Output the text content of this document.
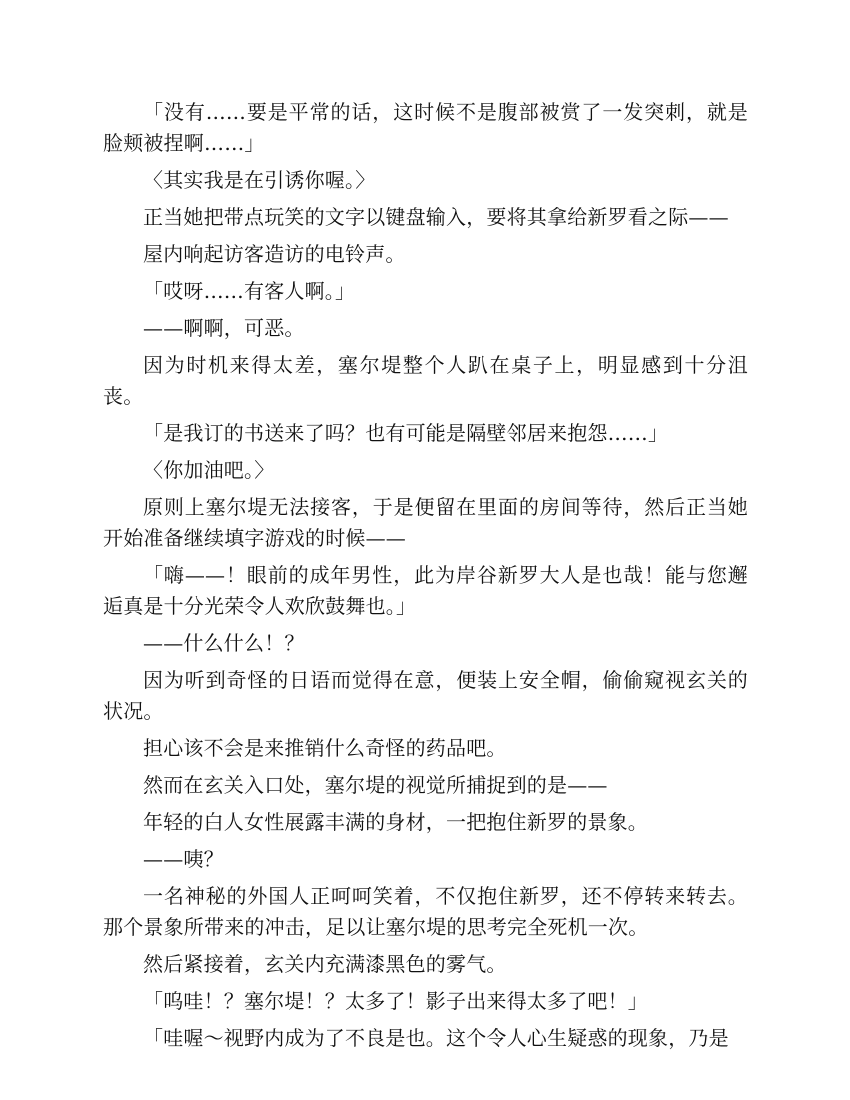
「没有……要是平常的话，这时候不是腹部被赏了一发突刺，就是脸颊被捏啊……」

〈其实我是在引诱你喔。〉

正当她把带点玩笑的文字以键盘输入，要将其拿给新罗看之际——

屋内响起访客造访的电铃声。

「哎呀……有客人啊。」

——啊啊，可恶。

因为时机来得太差，塞尔堤整个人趴在桌子上，明显感到十分沮丧。

「是我订的书送来了吗？也有可能是隔壁邻居来抱怨……」

〈你加油吧。〉

原则上塞尔堤无法接客，于是便留在里面的房间等待，然后正当她开始准备继续填字游戏的时候——

「嗨——！眼前的成年男性，此为岸谷新罗大人是也哉！能与您邂逅真是十分光荣令人欢欣鼓舞也。」

——什么什么！？

因为听到奇怪的日语而觉得在意，便装上安全帽，偷偷窥视玄关的状况。

担心该不会是来推销什么奇怪的药品吧。

然而在玄关入口处，塞尔堤的视觉所捕捉到的是——

年轻的白人女性展露丰满的身材，一把抱住新罗的景象。

——咦？

一名神秘的外国人正呵呵笑着，不仅抱住新罗，还不停转来转去。那个景象所带来的冲击，足以让塞尔堤的思考完全死机一次。

然后紧接着，玄关内充满漆黑色的雾气。

「呜哇！？塞尔堤！？太多了！影子出来得太多了吧！」

「哇喔～视野内成为了不良是也。这个令人心生疑惑的现象，乃是
